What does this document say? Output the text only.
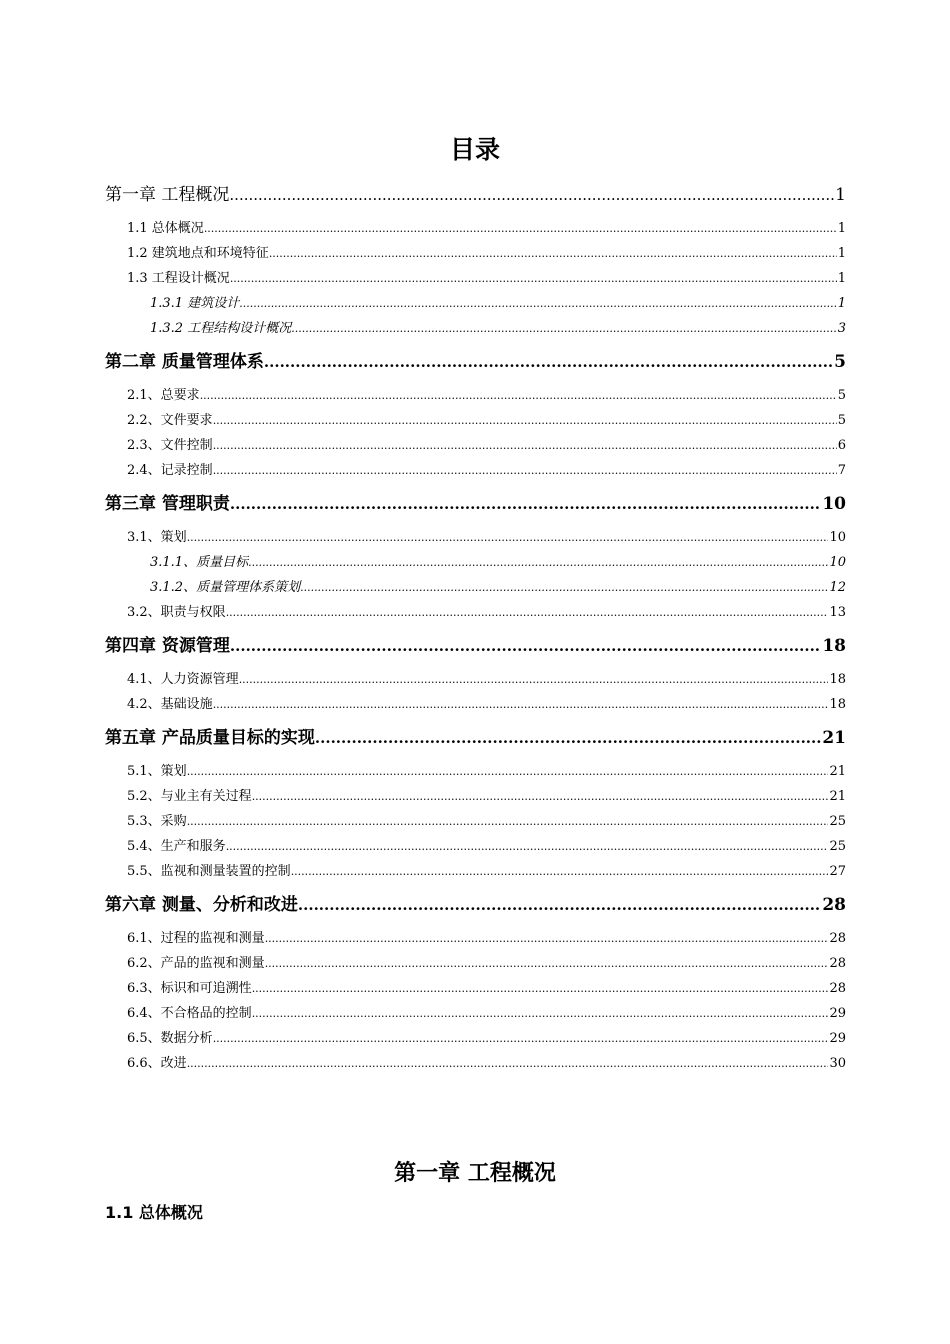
目录
第一章 工程概况 .....	1
1.1 总体概况 .....	1
1.2 建筑地点和环境特征 .....	1
1.3 工程设计概况 .....	1
1.3.1 建筑设计 .....	1
1.3.2 工程结构设计概况 .....	3
第二章 质量管理体系 .....	5
2.1、总要求 .....	5
2.2、文件要求 .....	5
2.3、文件控制 .....	6
2.4、记录控制 .....	7
第三章 管理职责 .....	10
3.1、策划 .....	10
3.1.1、质量目标 .....	10
3.1.2、质量管理体系策划 .....	12
3.2、职责与权限 .....	13
第四章 资源管理 .....	18
4.1、人力资源管理 .....	18
4.2、基础设施 .....	18
第五章 产品质量目标的实现 .....	21
5.1、策划 .....	21
5.2、与业主有关过程 .....	21
5.3、采购 .....	25
5.4、生产和服务 .....	25
5.5、监视和测量装置的控制 .....	27
第六章 测量、分析和改进 .....	28
6.1、过程的监视和测量 .....	28
6.2、产品的监视和测量 .....	28
6.3、标识和可追溯性 .....	28
6.4、不合格品的控制 .....	29
6.5、数据分析 .....	29
6.6、改进 .....	30
第一章 工程概况
1.1 总体概况
